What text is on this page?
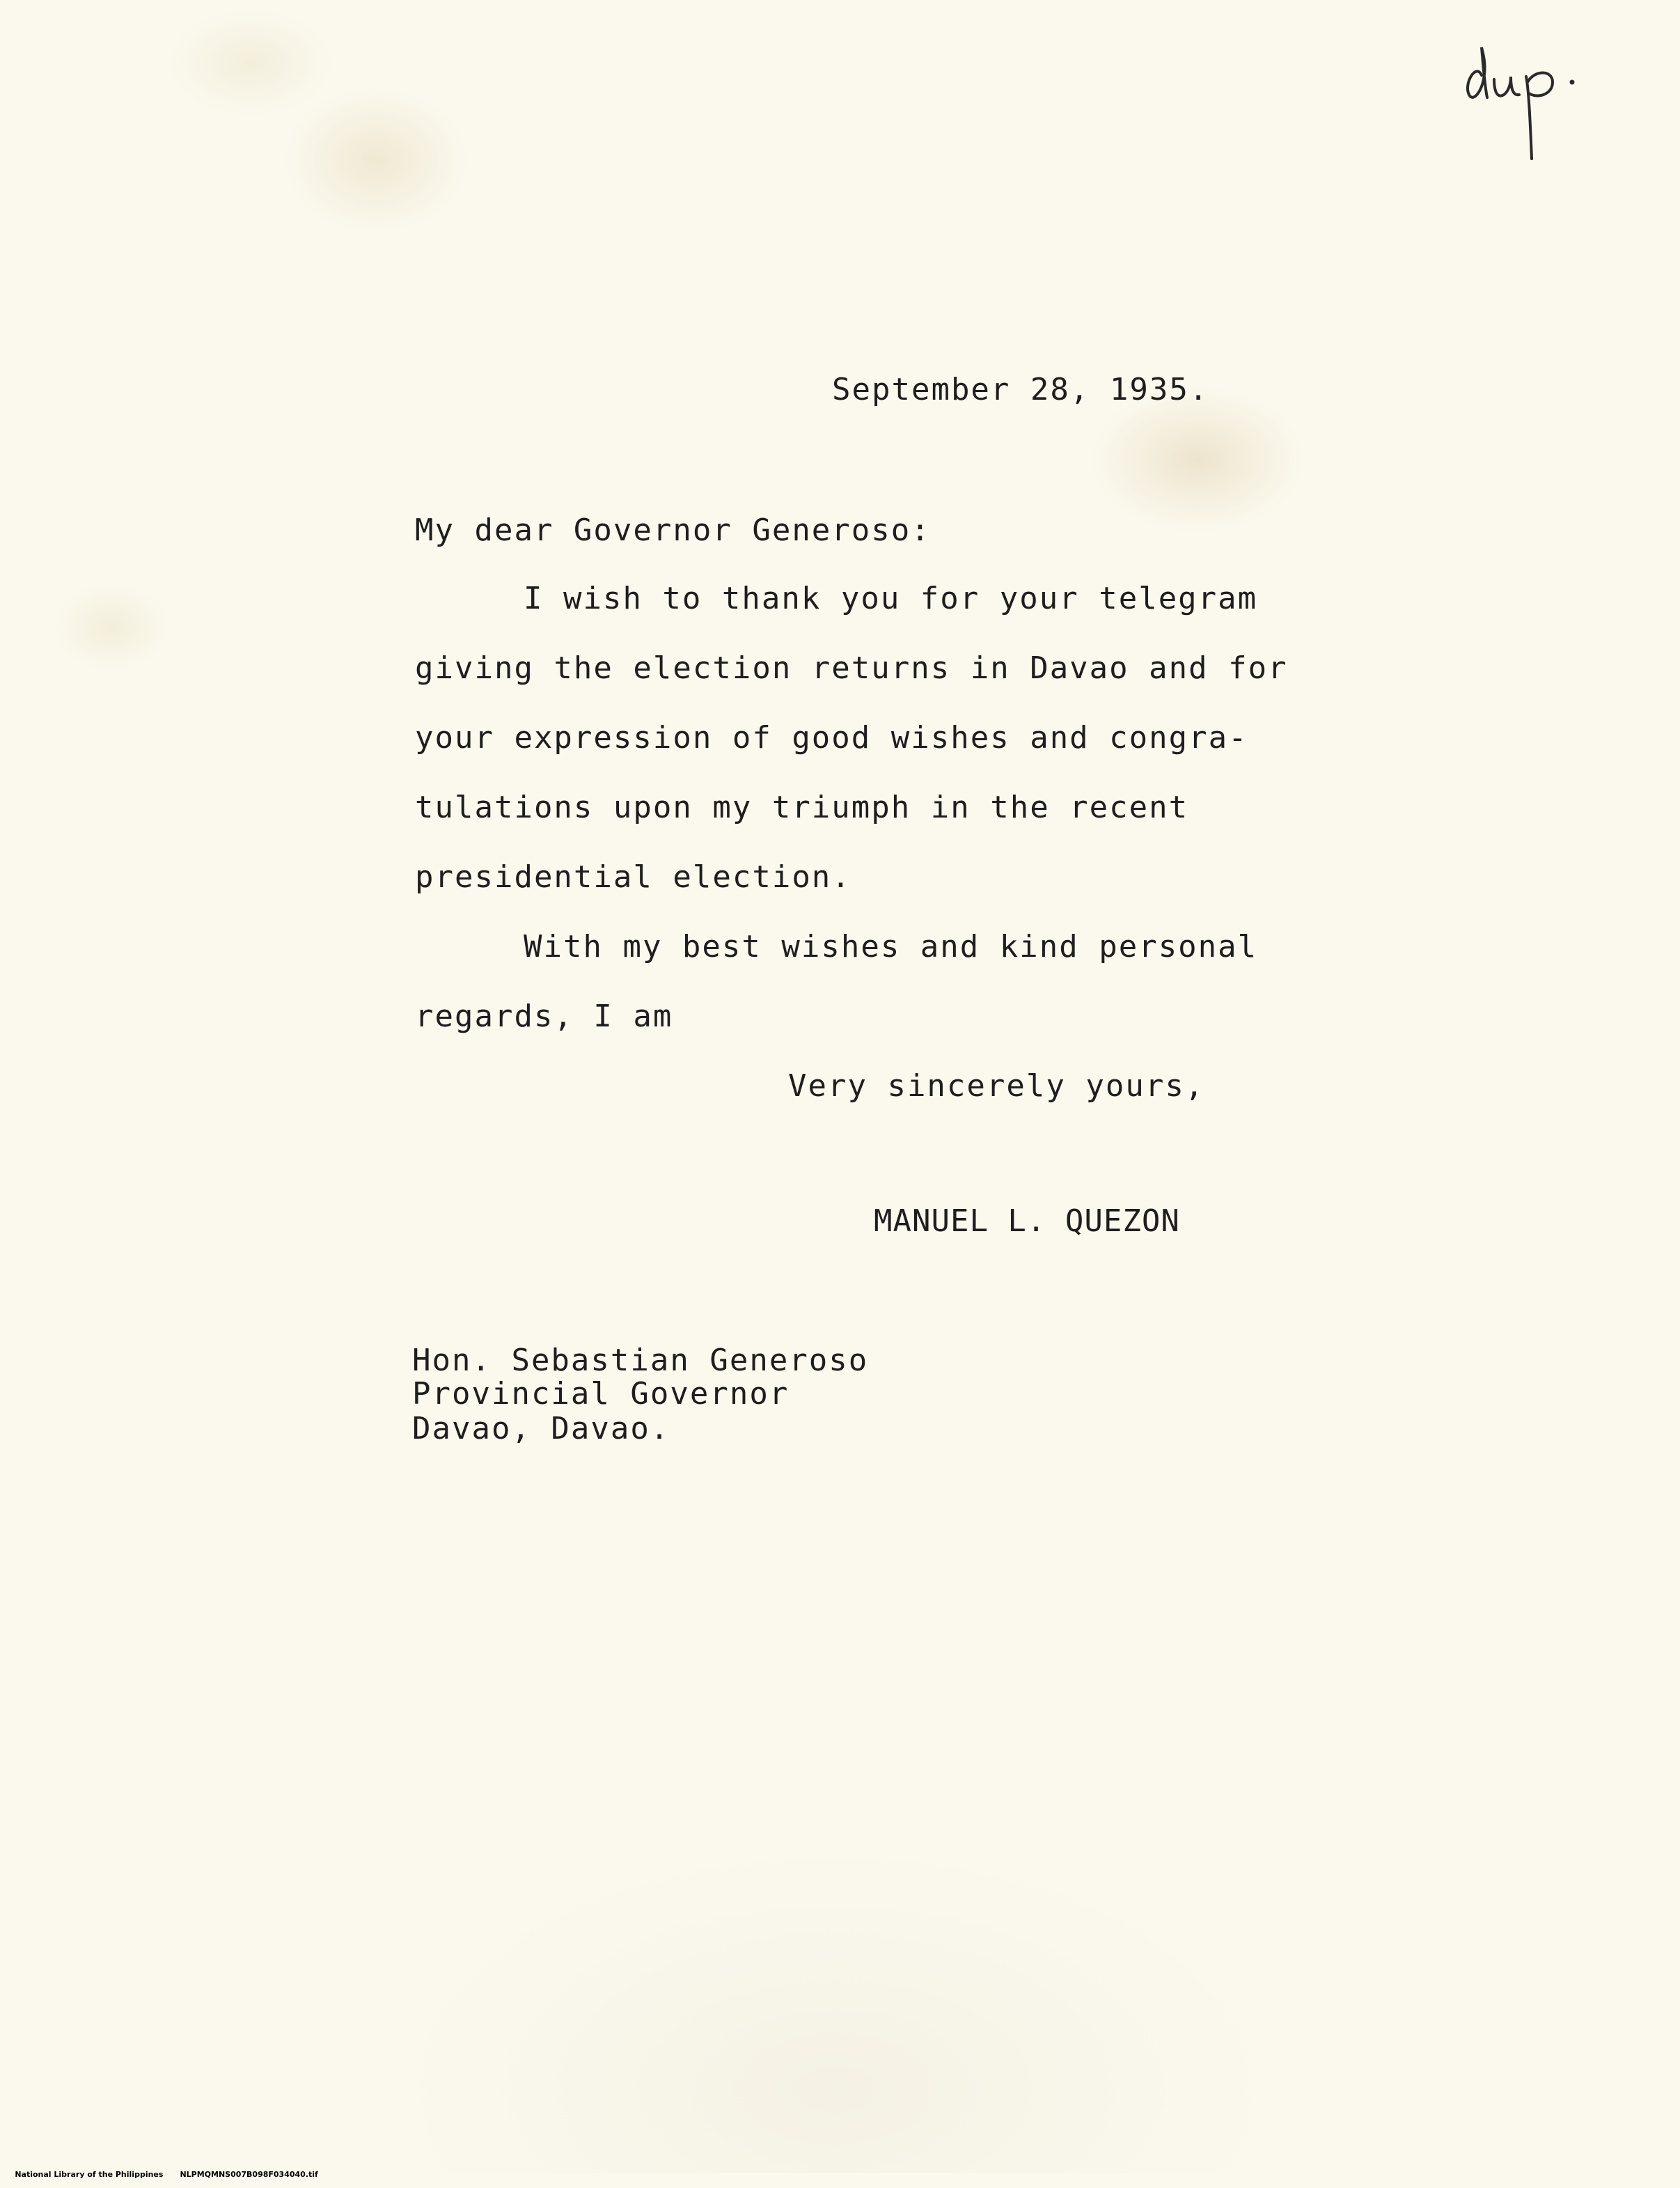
September 28, 1935.
My dear Governor Generoso:
I wish to thank you for your telegram
giving the election returns in Davao and for
your expression of good wishes and congra-
tulations upon my triumph in the recent
presidential election.
With my best wishes and kind personal
regards, I am
Very sincerely yours,
MANUEL L. QUEZON
Hon. Sebastian Generoso
Provincial Governor
Davao, Davao.

National Library of the Philippines NLPMQMNS007B098F034040.tif
